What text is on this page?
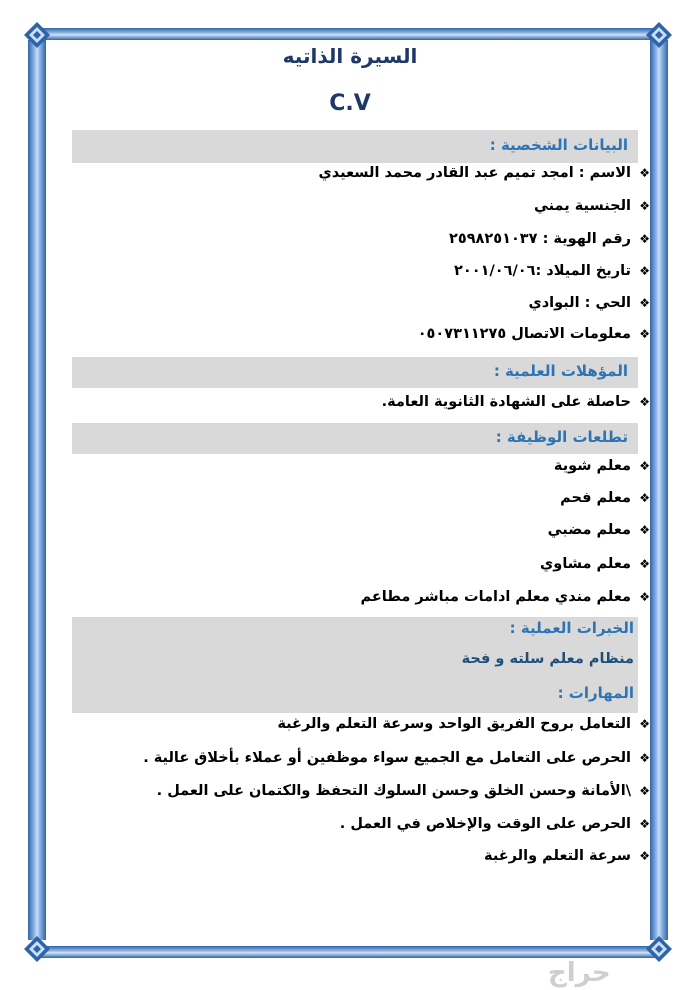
السيرة الذاتيه
C.V
البيانات الشخصية :
❖الاسم : امجد تميم عبد القادر محمد السعيدي
❖الجنسية يمني
❖رقم الهوية : ٢٥٩٨٢٥١٠٣٧
❖تاريخ الميلاد :٢٠٠١/٠٦/٠٦
❖الحي : البوادي
❖معلومات الاتصال ٠٥٠٧٣١١٢٧٥
المؤهلات العلمية :
❖حاصلة على الشهادة الثانوية العامة.
تطلعات الوظيفة :
❖معلم شوية
❖معلم فحم
❖معلم مضبي
❖معلم مشاوي
❖معلم مندي معلم ادامات مباشر مطاعم
الخبرات العملية :
منظام معلم سلته و فحة
المهارات :
❖التعامل بروح الفريق الواحد وسرعة التعلم والرغبة
❖الحرص على التعامل مع الجميع سواء موظفين أو عملاء بأخلاق عالية .
❖\الأمانة وحسن الخلق وحسن السلوك التحفظ والكتمان على العمل .
❖الحرص على الوقت والإخلاص في العمل .
❖سرعة التعلم والرغبة
حراج
